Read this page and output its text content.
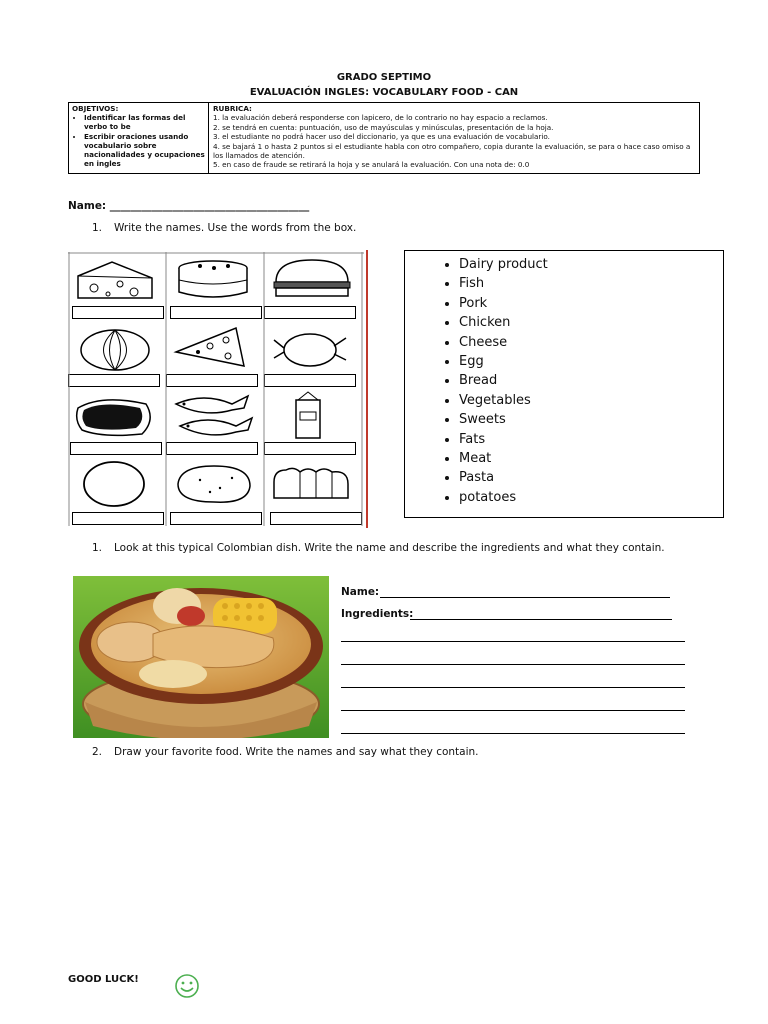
GRADO SEPTIMO
EVALUACIÓN INGLES: VOCABULARY FOOD - CAN
OBJETIVOS:
• Identificar las formas del verbo to be
• Escribir oraciones usando vocabulario sobre nacionalidades y ocupaciones en ingles
RUBRICA:
1. la evaluación deberá responderse con lapicero, de lo contrario no hay espacio a reclamos.
2. se tendrá en cuenta: puntuación, uso de mayúsculas y minúsculas, presentación de la hoja.
3. el estudiante no podrá hacer uso del diccionario, ya que es una evaluación de vocabulario.
4. se bajará 1 o hasta 2 puntos si el estudiante habla con otro compañero, copia durante la evaluación, se para o hace caso omiso a los llamados de atención.
5. en caso de fraude se retirará la hoja y se anulará la evaluación. Con una nota de: 0.0
Name: ______________________________________
1. Write the names. Use the words from the box.
• Dairy product
• Fish
• Pork
• Chicken
• Cheese
• Egg
• Bread
• Vegetables
• Sweets
• Fats
• Meat
• Pasta
• potatoes
1. Look at this typical Colombian dish. Write the name and describe the ingredients and what they contain.
Name:
Ingredients:
2. Draw your favorite food. Write the names and say what they contain.
GOOD LUCK!
